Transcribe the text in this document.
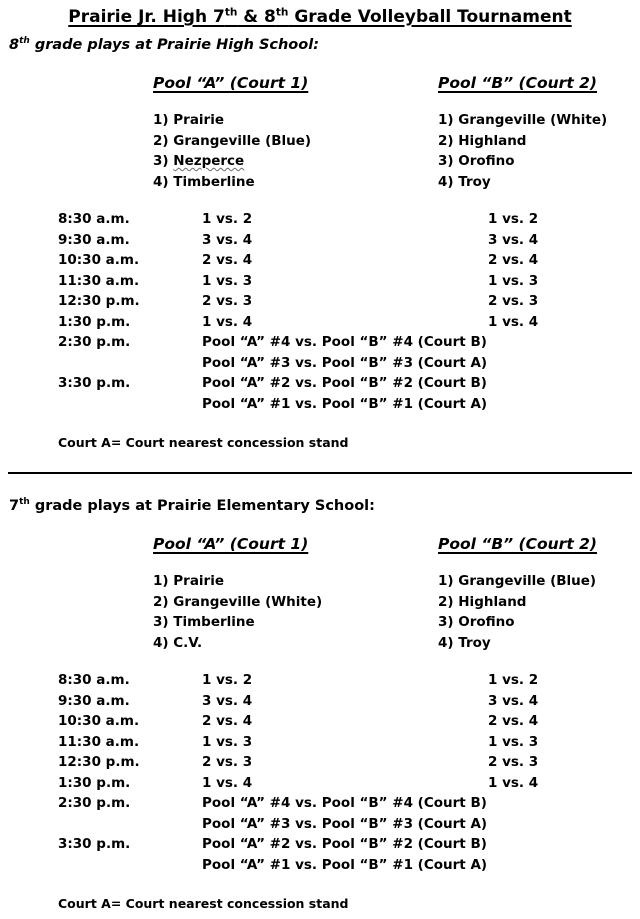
Prairie Jr. High 7th & 8th Grade Volleyball Tournament
8th grade plays at Prairie High School:
Pool “A” (Court 1)	Pool “B” (Court 2)
1) Prairie
2) Grangeville (Blue)
3) Nezperce
4) Timberline
1) Grangeville (White)
2) Highland
3) Orofino
4) Troy
8:30 a.m.	1 vs. 2	1 vs. 2
9:30 a.m.	3 vs. 4	3 vs. 4
10:30 a.m.	2 vs. 4	2 vs. 4
11:30 a.m.	1 vs. 3	1 vs. 3
12:30 p.m.	2 vs. 3	2 vs. 3
1:30 p.m.	1 vs. 4	1 vs. 4
2:30 p.m.	Pool “A” #4 vs. Pool “B” #4 (Court B)
Pool “A” #3 vs. Pool “B” #3 (Court A)
3:30 p.m.	Pool “A” #2 vs. Pool “B” #2 (Court B)
Pool “A” #1 vs. Pool “B” #1 (Court A)
Court A= Court nearest concession stand
7th grade plays at Prairie Elementary School:
Pool “A” (Court 1)	Pool “B” (Court 2)
1) Prairie
2) Grangeville (White)
3) Timberline
4) C.V.
1) Grangeville (Blue)
2) Highland
3) Orofino
4) Troy
8:30 a.m.	1 vs. 2	1 vs. 2
9:30 a.m.	3 vs. 4	3 vs. 4
10:30 a.m.	2 vs. 4	2 vs. 4
11:30 a.m.	1 vs. 3	1 vs. 3
12:30 p.m.	2 vs. 3	2 vs. 3
1:30 p.m.	1 vs. 4	1 vs. 4
2:30 p.m.	Pool “A” #4 vs. Pool “B” #4 (Court B)
Pool “A” #3 vs. Pool “B” #3 (Court A)
3:30 p.m.	Pool “A” #2 vs. Pool “B” #2 (Court B)
Pool “A” #1 vs. Pool “B” #1 (Court A)
Court A= Court nearest concession stand
